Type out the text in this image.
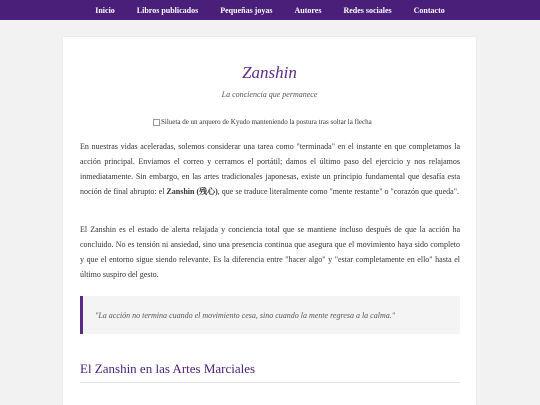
Inicio	Libros publicados	Pequeñas joyas	Autores	Redes sociales	Contacto
Zanshin
La conciencia que permanece
Silueta de un arquero de Kyudo manteniendo la postura tras soltar la flecha
En nuestras vidas aceleradas, solemos considerar una tarea como "terminada" en el instante en que completamos la acción principal. Enviamos el correo y cerramos el portátil; damos el último paso del ejercicio y nos relajamos inmediatamente. Sin embargo, en las artes tradicionales japonesas, existe un principio fundamental que desafía esta noción de final abrupto: el Zanshin (残心), que se traduce literalmente como "mente restante" o "corazón que queda".
El Zanshin es el estado de alerta relajada y conciencia total que se mantiene incluso después de que la acción ha concluido. No es tensión ni ansiedad, sino una presencia continua que asegura que el movimiento haya sido completo y que el entorno sigue siendo relevante. Es la diferencia entre "hacer algo" y "estar completamente en ello" hasta el último suspiro del gesto.
"La acción no termina cuando el movimiento cesa, sino cuando la mente regresa a la calma."
El Zanshin en las Artes Marciales
